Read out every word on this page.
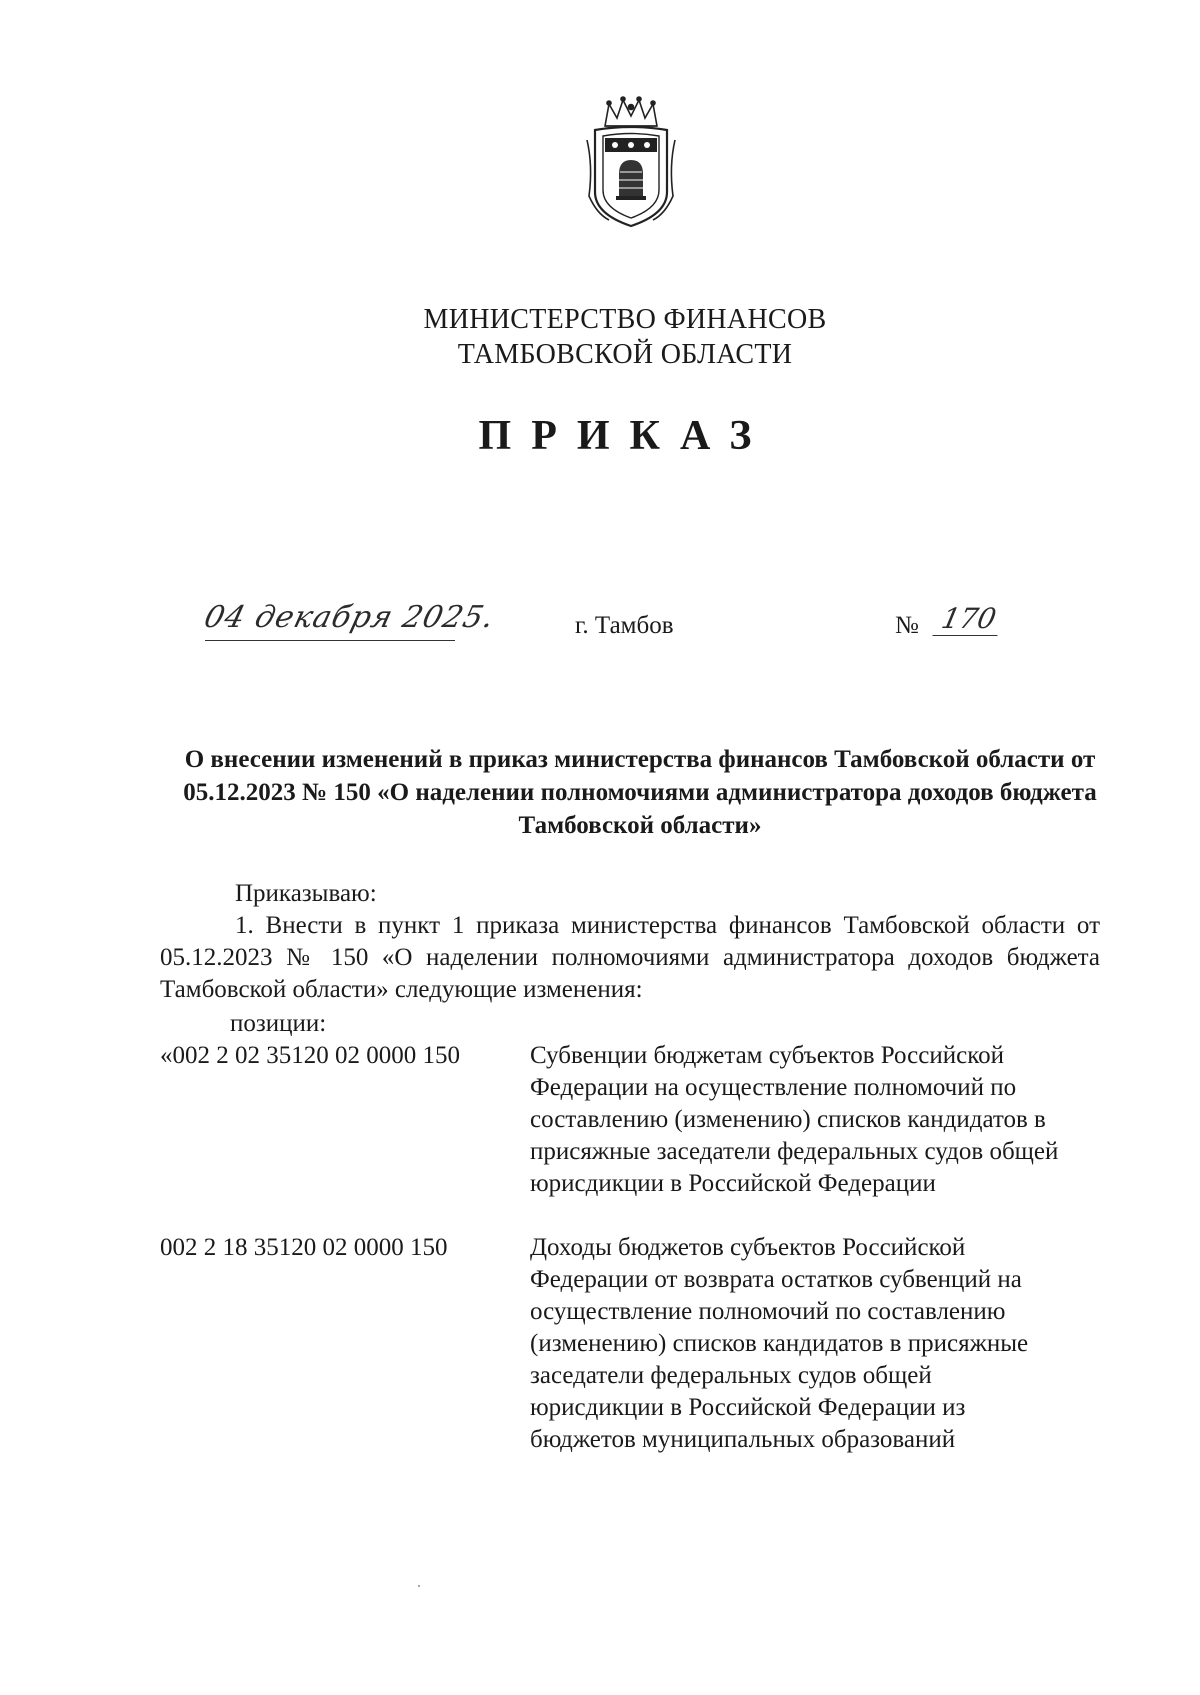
МИНИСТЕРСТВО ФИНАНСОВ
ТАМБОВСКОЙ ОБЛАСТИ
ПРИКАЗ
04 декабря 2025.	г. Тамбов	№ 170
О внесении изменений в приказ министерства финансов Тамбовской области от 05.12.2023 № 150 «О наделении полномочиями администратора доходов бюджета Тамбовской области»
Приказываю:
1. Внести в пункт 1 приказа министерства финансов Тамбовской области от 05.12.2023 № 150 «О наделении полномочиями администратора доходов бюджета Тамбовской области» следующие изменения:
позиции:
«002 2 02 35120 02 0000 150	Субвенции бюджетам субъектов Российской Федерации на осуществление полномочий по составлению (изменению) списков кандидатов в присяжные заседатели федеральных судов общей юрисдикции в Российской Федерации
002 2 18 35120 02 0000 150	Доходы бюджетов субъектов Российской Федерации от возврата остатков субвенций на осуществление полномочий по составлению (изменению) списков кандидатов в присяжные заседатели федеральных судов общей юрисдикции в Российской Федерации из бюджетов муниципальных образований
